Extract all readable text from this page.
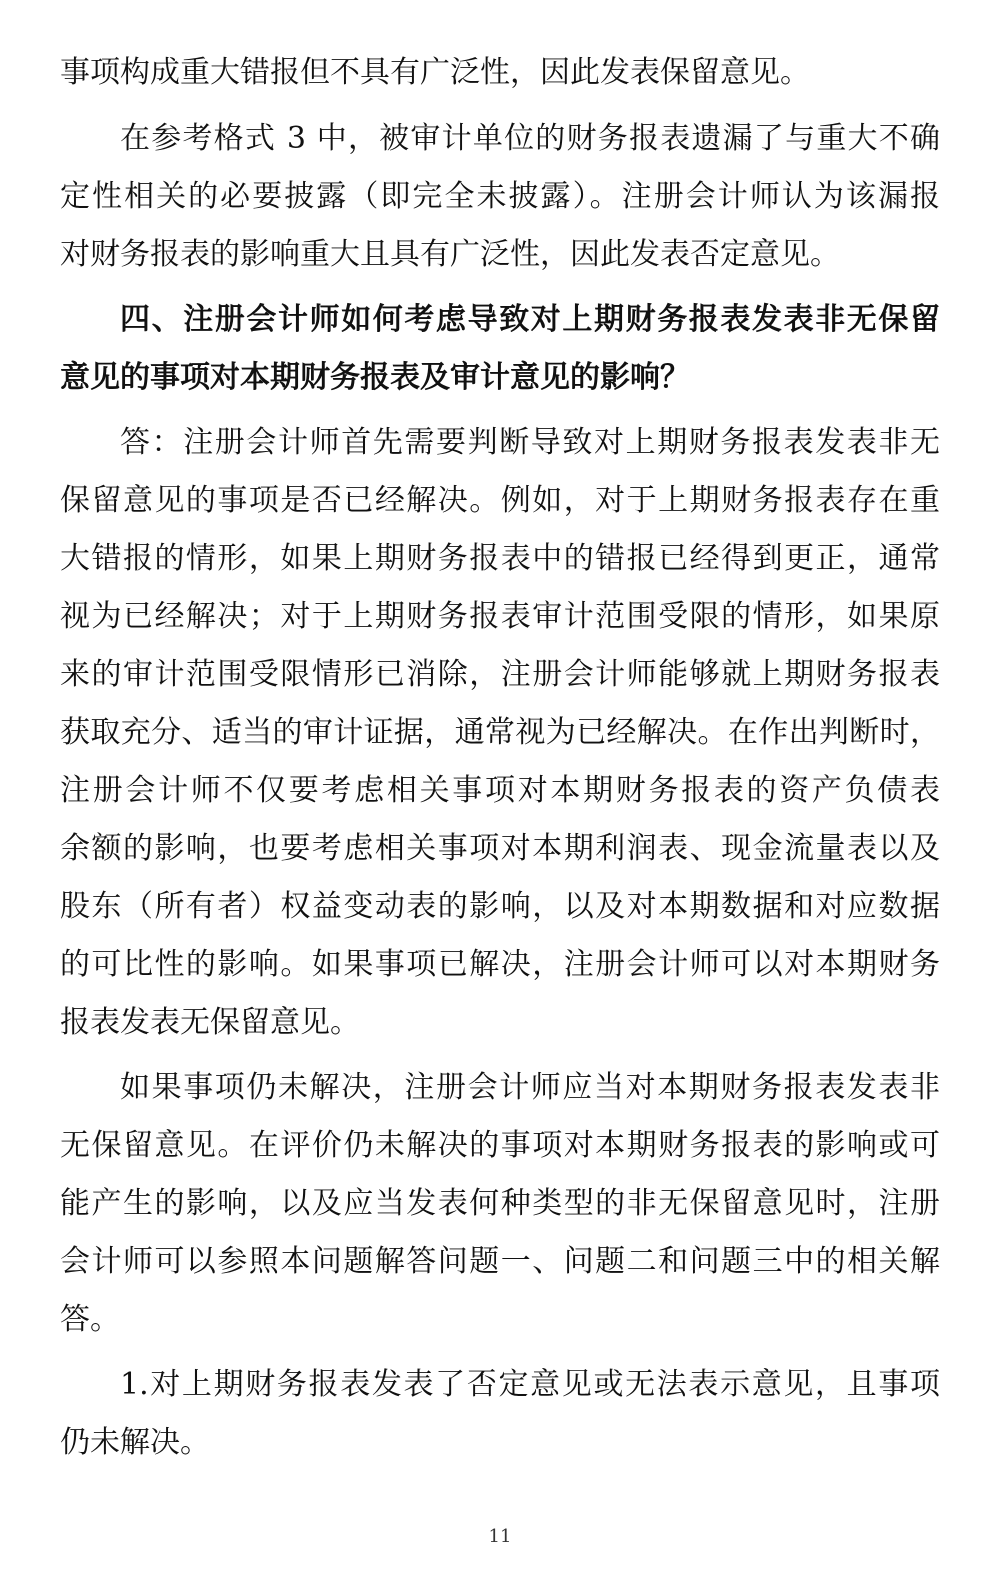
事项构成重大错报但不具有广泛性，因此发表保留意见。

在参考格式 3 中，被审计单位的财务报表遗漏了与重大不确

定性相关的必要披露（即完全未披露）。注册会计师认为该漏报

对财务报表的影响重大且具有广泛性，因此发表否定意见。

四、注册会计师如何考虑导致对上期财务报表发表非无保留

意见的事项对本期财务报表及审计意见的影响？

答：注册会计师首先需要判断导致对上期财务报表发表非无

保留意见的事项是否已经解决。例如，对于上期财务报表存在重

大错报的情形，如果上期财务报表中的错报已经得到更正，通常

视为已经解决；对于上期财务报表审计范围受限的情形，如果原

来的审计范围受限情形已消除，注册会计师能够就上期财务报表

获取充分、适当的审计证据，通常视为已经解决。在作出判断时，

注册会计师不仅要考虑相关事项对本期财务报表的资产负债表

余额的影响，也要考虑相关事项对本期利润表、现金流量表以及

股东（所有者）权益变动表的影响，以及对本期数据和对应数据

的可比性的影响。如果事项已解决，注册会计师可以对本期财务

报表发表无保留意见。

如果事项仍未解决，注册会计师应当对本期财务报表发表非

无保留意见。在评价仍未解决的事项对本期财务报表的影响或可

能产生的影响，以及应当发表何种类型的非无保留意见时，注册

会计师可以参照本问题解答问题一、问题二和问题三中的相关解

答。

1.对上期财务报表发表了否定意见或无法表示意见，且事项

仍未解决。

11
